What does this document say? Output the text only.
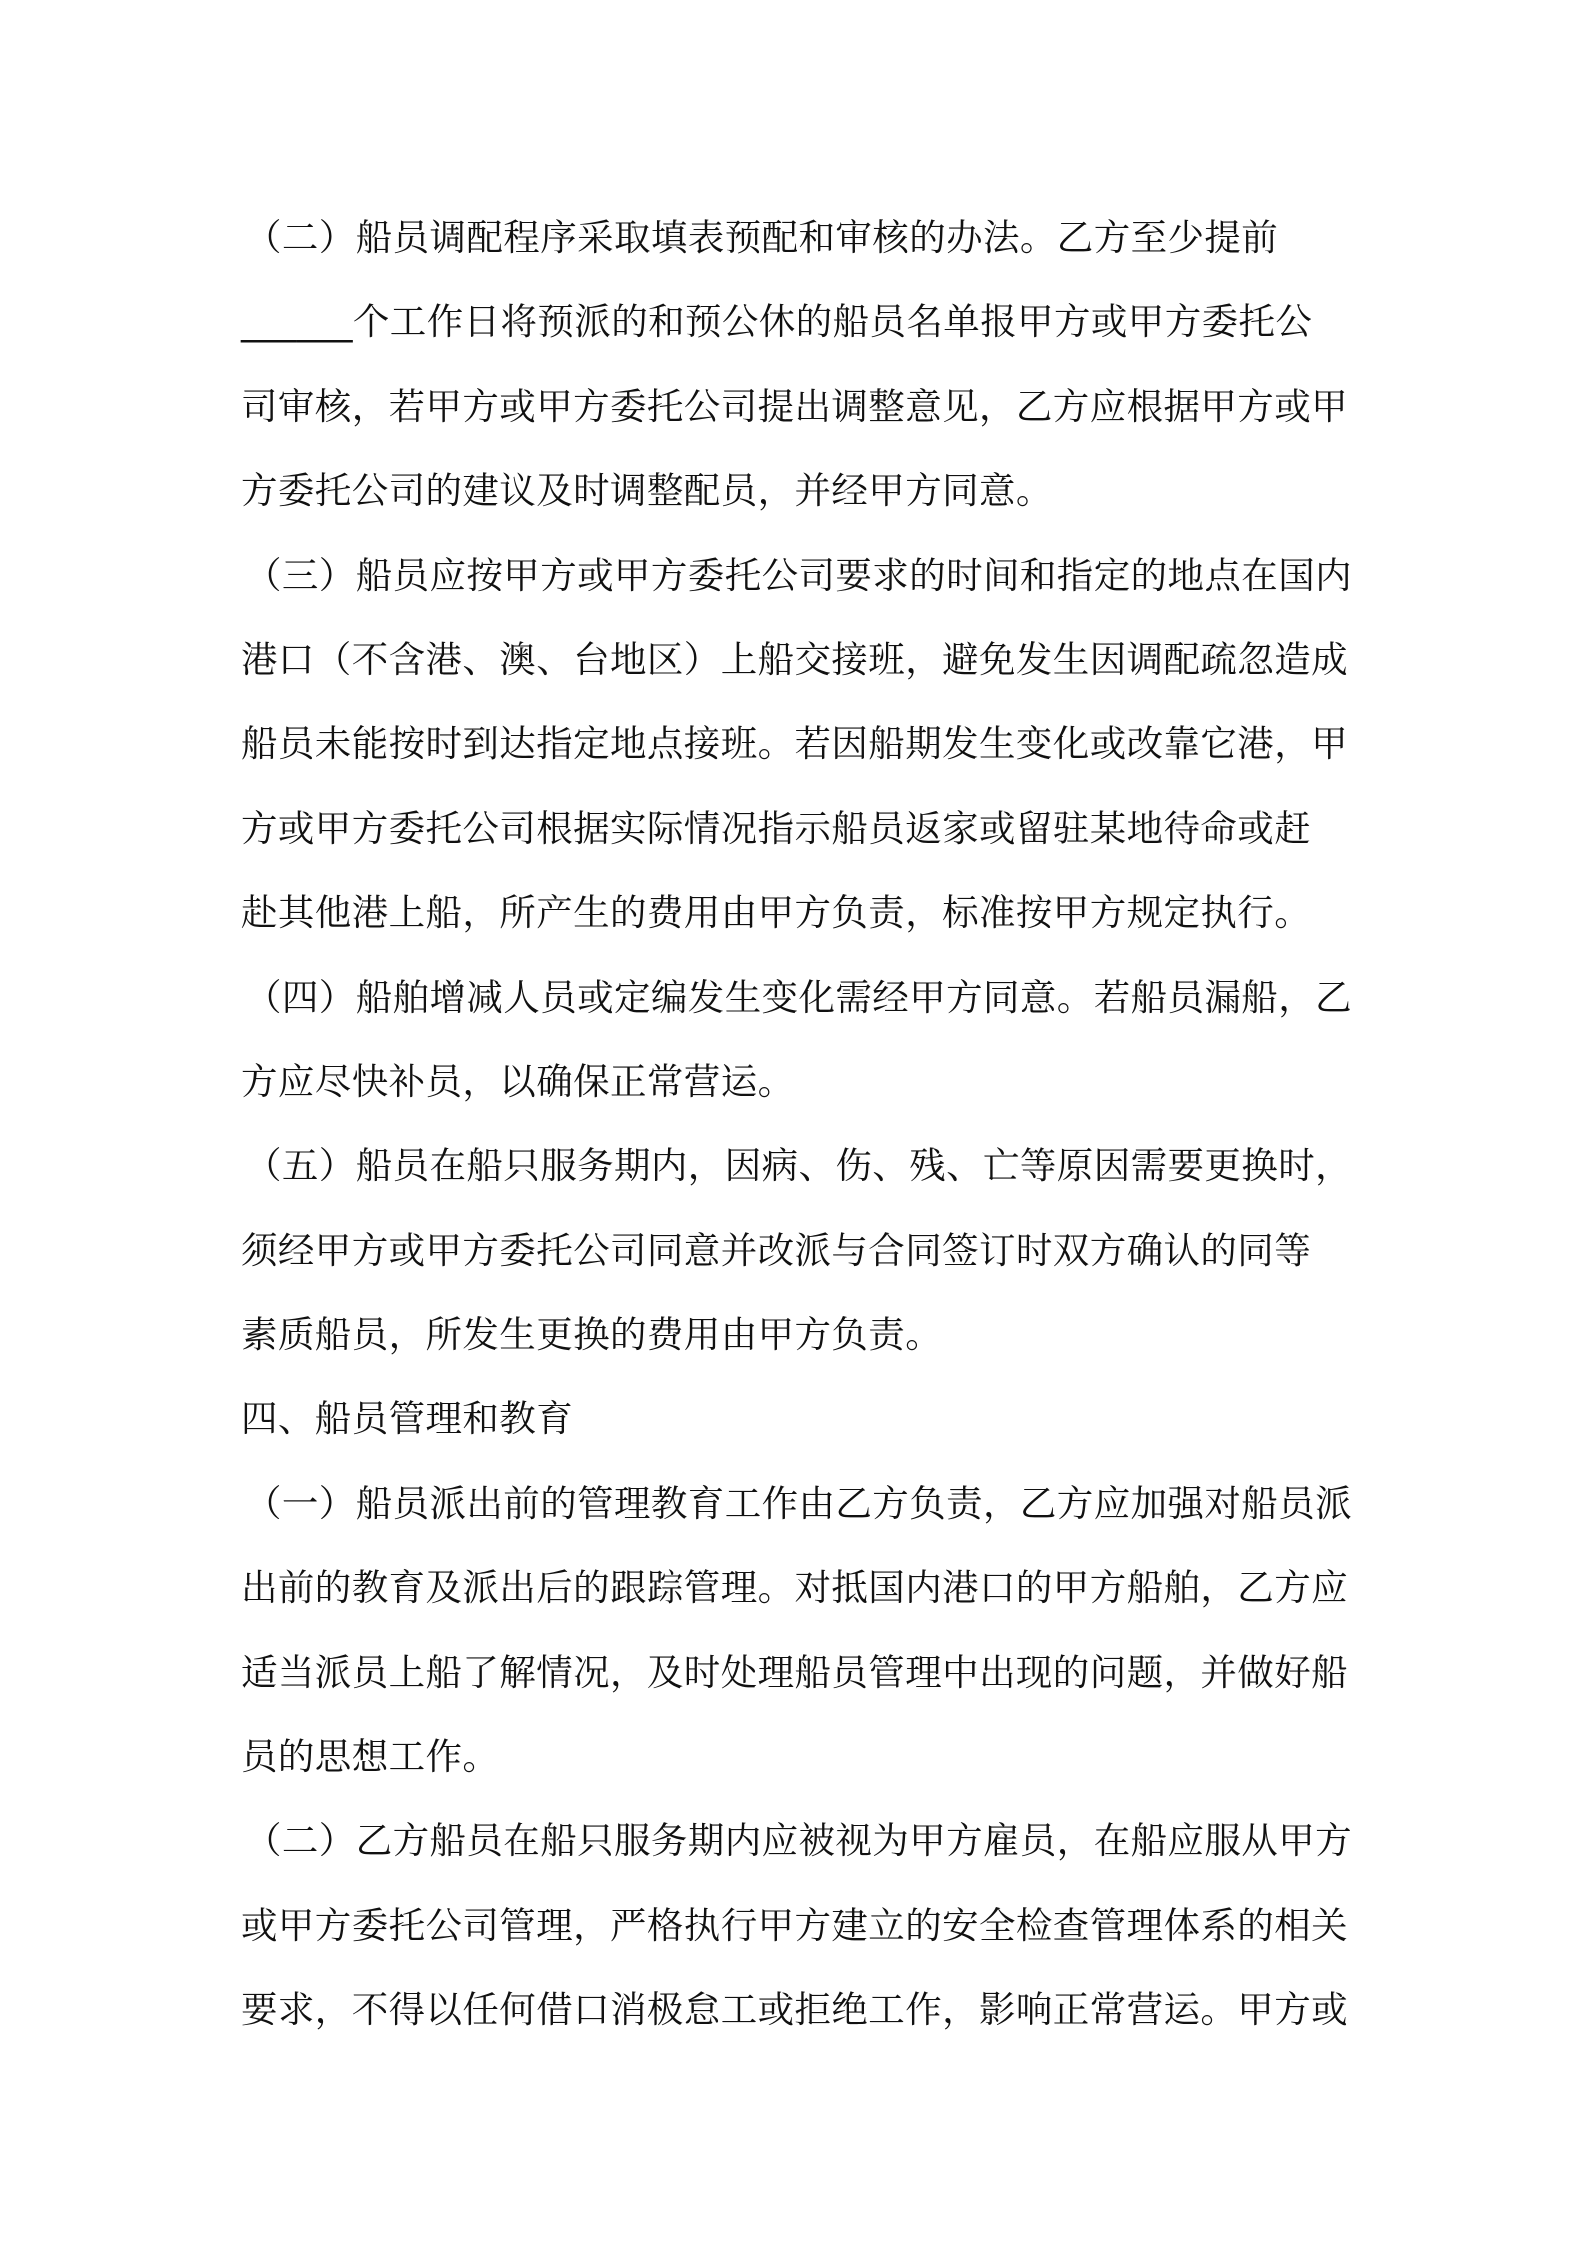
（二）船员调配程序采取填表预配和审核的办法。乙方至少提前
______个工作日将预派的和预公休的船员名单报甲方或甲方委托公
司审核，若甲方或甲方委托公司提出调整意见，乙方应根据甲方或甲
方委托公司的建议及时调整配员，并经甲方同意。
（三）船员应按甲方或甲方委托公司要求的时间和指定的地点在国内
港口（不含港、澳、台地区）上船交接班，避免发生因调配疏忽造成
船员未能按时到达指定地点接班。若因船期发生变化或改靠它港，甲
方或甲方委托公司根据实际情况指示船员返家或留驻某地待命或赶
赴其他港上船，所产生的费用由甲方负责，标准按甲方规定执行。
（四）船舶增减人员或定编发生变化需经甲方同意。若船员漏船，乙
方应尽快补员，以确保正常营运。
（五）船员在船只服务期内，因病、伤、残、亡等原因需要更换时，
须经甲方或甲方委托公司同意并改派与合同签订时双方确认的同等
素质船员，所发生更换的费用由甲方负责。
四、船员管理和教育
（一）船员派出前的管理教育工作由乙方负责，乙方应加强对船员派
出前的教育及派出后的跟踪管理。对抵国内港口的甲方船舶，乙方应
适当派员上船了解情况，及时处理船员管理中出现的问题，并做好船
员的思想工作。
（二）乙方船员在船只服务期内应被视为甲方雇员，在船应服从甲方
或甲方委托公司管理，严格执行甲方建立的安全检查管理体系的相关
要求，不得以任何借口消极怠工或拒绝工作，影响正常营运。甲方或
